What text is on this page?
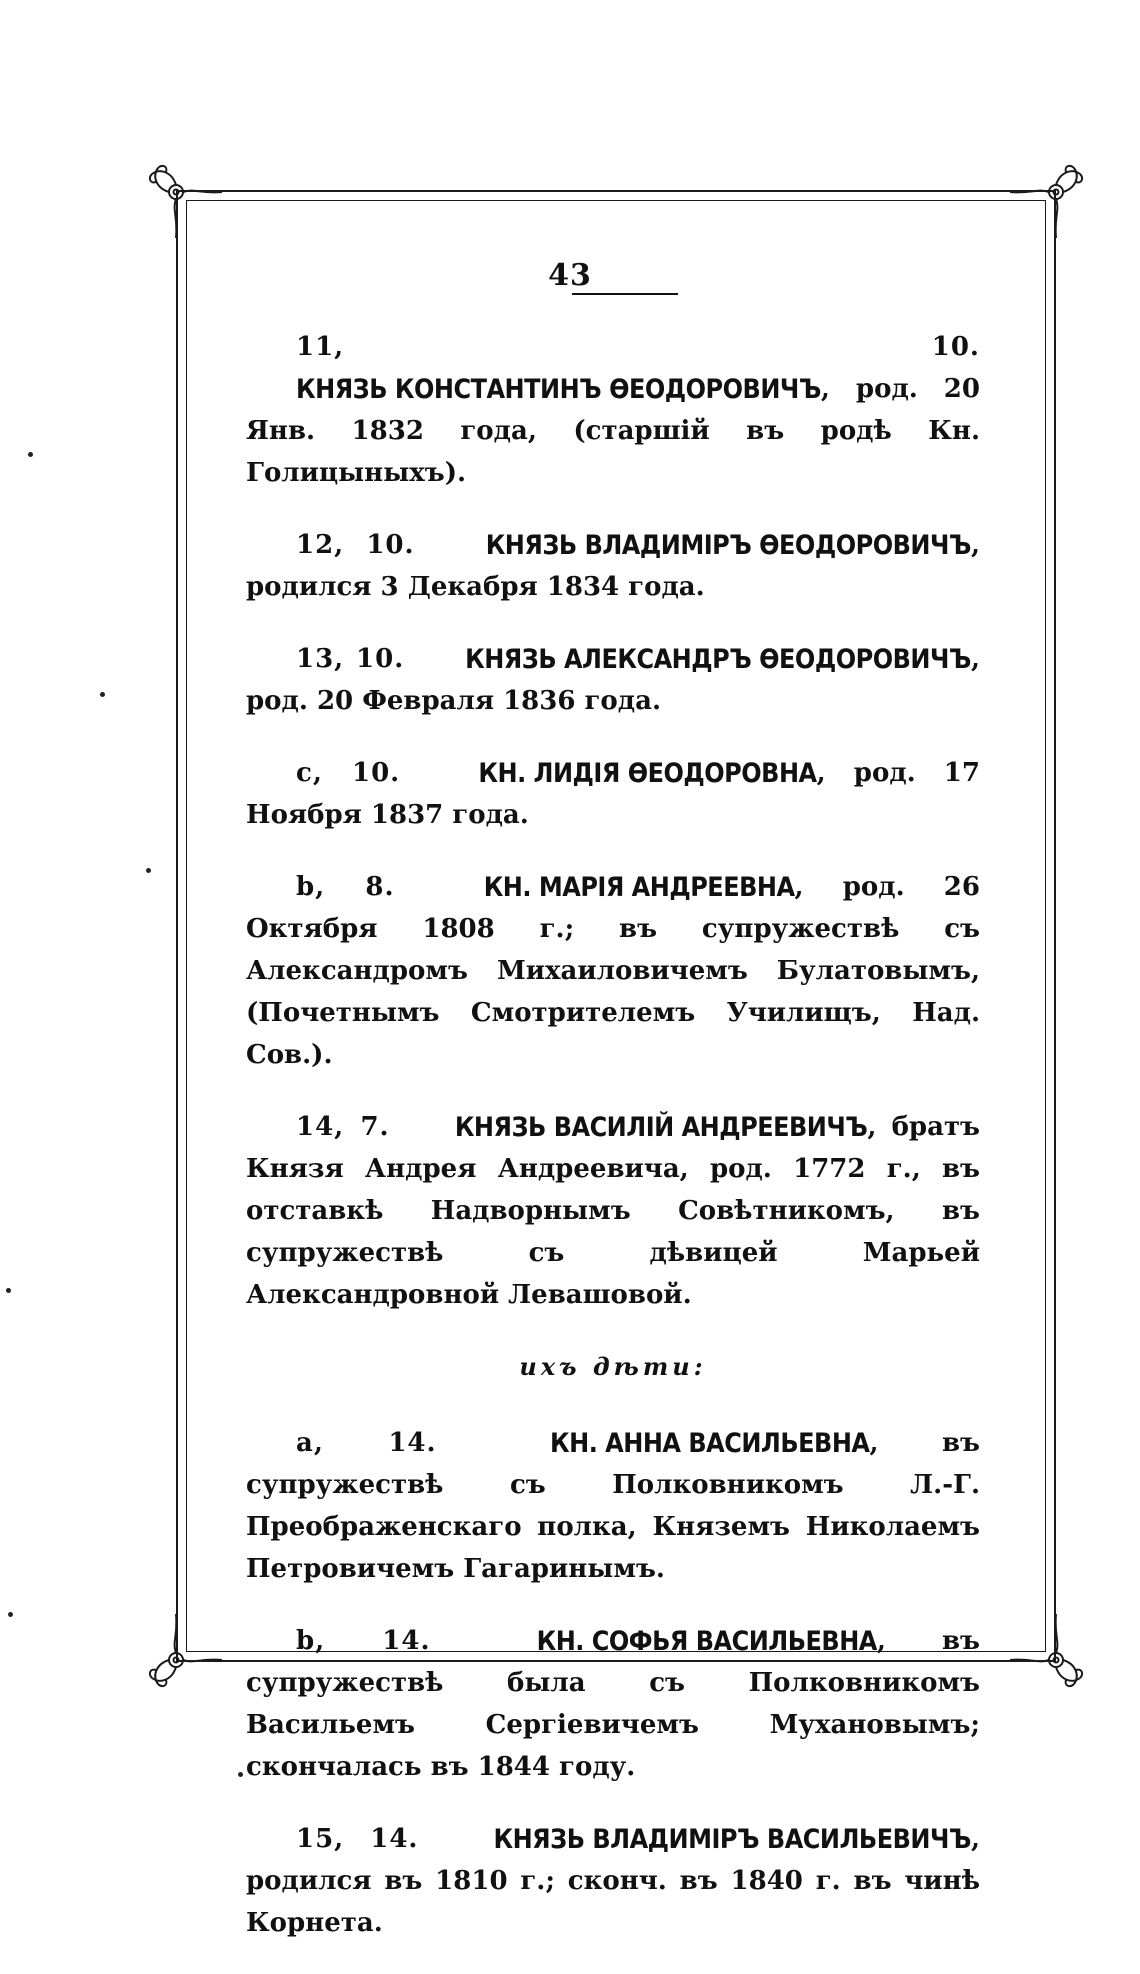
43

11, 10. КНЯЗЬ КОНСТАНТИНЪ ӨЕОДОРОВИЧЪ, род. 20 Янв. 1832 года, (старшій въ родѣ Кн. Голицыныхъ).

12, 10.	КНЯЗЬ ВЛАДИМІРЪ ӨЕОДОРОВИЧЪ, родился 3 Декабря 1834 года.

13, 10.	КНЯЗЬ АЛЕКСАНДРЪ ӨЕОДОРОВИЧЪ, род. 20 Февраля 1836 года.

c, 10.	КН. ЛИДІЯ ӨЕОДОРОВНА, род. 17 Ноября 1837 года.

b, 8.	КН. МАРІЯ АНДРЕЕВНА, род. 26 Октября 1808 г.; въ супружествѣ съ Александромъ Михаиловичемъ Булатовымъ, (Почетнымъ Смотрителемъ Училищъ, Над. Сов.).

14, 7.	КНЯЗЬ ВАСИЛІЙ АНДРЕЕВИЧЪ, братъ Князя Андрея Андреевича, род. 1772 г., въ отставкѣ Надворнымъ Совѣтникомъ, въ супружествѣ съ дѣвицей Марьей Александровной Левашовой.

ихъ дѣти:

a, 14.	КН. АННА ВАСИЛЬЕВНА, въ супружествѣ съ Полковникомъ Л.-Г. Преображенскаго полка, Княземъ Николаемъ Петровичемъ Гагаринымъ.

b, 14.	КН. СОФЬЯ ВАСИЛЬЕВНА, въ супружествѣ была съ Полковникомъ Васильемъ Сергіевичемъ Мухановымъ; скончалась въ 1844 году.

15, 14.	КНЯЗЬ ВЛАДИМІРЪ ВАСИЛЬЕВИЧЪ, родился въ 1810 г.; сконч. въ 1840 г. въ чинѣ Корнета.
